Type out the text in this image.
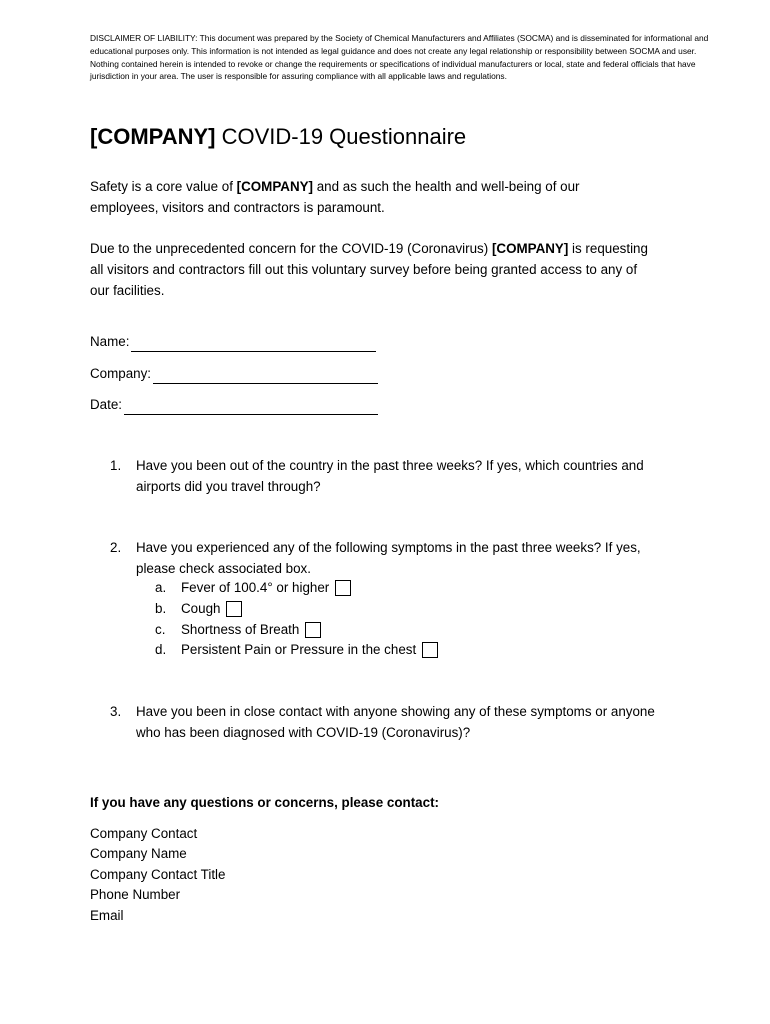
DISCLAIMER OF LIABILITY: This document was prepared by the Society of Chemical Manufacturers and Affiliates (SOCMA) and is disseminated for informational and educational purposes only. This information is not intended as legal guidance and does not create any legal relationship or responsibility between SOCMA and user. Nothing contained herein is intended to revoke or change the requirements or specifications of individual manufacturers or local, state and federal officials that have jurisdiction in your area. The user is responsible for assuring compliance with all applicable laws and regulations.
[COMPANY] COVID-19 Questionnaire
Safety is a core value of [COMPANY] and as such the health and well-being of our employees, visitors and contractors is paramount.
Due to the unprecedented concern for the COVID-19 (Coronavirus) [COMPANY] is requesting all visitors and contractors fill out this voluntary survey before being granted access to any of our facilities.
Name:
Company:
Date:
1.	Have you been out of the country in the past three weeks? If yes, which countries and airports did you travel through?
2.	Have you experienced any of the following symptoms in the past three weeks? If yes, please check associated box.
a.	Fever of 100.4° or higher
b.	Cough
c.	Shortness of Breath
d.	Persistent Pain or Pressure in the chest
3.	Have you been in close contact with anyone showing any of these symptoms or anyone who has been diagnosed with COVID-19 (Coronavirus)?
If you have any questions or concerns, please contact:
Company Contact
Company Name
Company Contact Title
Phone Number
Email
